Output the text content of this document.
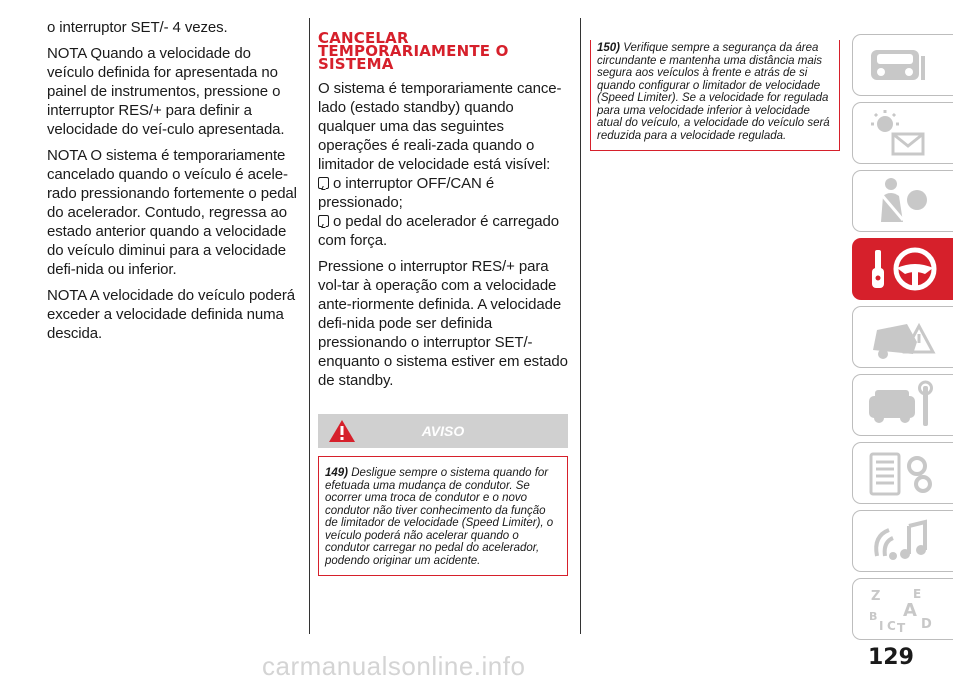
o interruptor SET/- 4 vezes.

NOTA Quando a velocidade do veículo definida for apresentada no painel de instrumentos, pressione o interruptor RES/+ para definir a velocidade do veí-culo apresentada.

NOTA O sistema é temporariamente cancelado quando o veículo é acele-rado pressionando fortemente o pedal do acelerador. Contudo, regressa ao estado anterior quando a velocidade do veículo diminui para a velocidade defi-nida ou inferior.

NOTA A velocidade do veículo poderá exceder a velocidade definida numa descida.

CANCELAR
TEMPORARIAMENTE O
SISTEMA

O sistema é temporariamente cance-lado (estado standby) quando qualquer uma das seguintes operações é reali-zada quando o limitador de velocidade está visível:

o interruptor OFF/CAN é pressionado;

o pedal do acelerador é carregado com força.

Pressione o interruptor RES/+ para vol-tar à operação com a velocidade ante-riormente definida. A velocidade defi-nida pode ser definida pressionando o interruptor SET/- enquanto o sistema estiver em estado de standby.

AVISO
149) Desligue sempre o sistema quando for efetuada uma mudança de condutor. Se ocorrer uma troca de condutor e o novo condutor não tiver conhecimento da função de limitador de velocidade (Speed Limiter), o veículo poderá não acelerar quando o condutor carregar no pedal do acelerador, podendo originar um acidente.
150) Verifique sempre a segurança da área circundante e mantenha uma distância mais segura aos veículos à frente e atrás de si quando configurar o limitador de velocidade (Speed Limiter). Se a velocidade for regulada para uma velocidade inferior à velocidade atual do veículo, a velocidade do veículo será reduzida para a velocidade regulada.
Z	E
B A
I C T D
129
carmanualsonline.info
